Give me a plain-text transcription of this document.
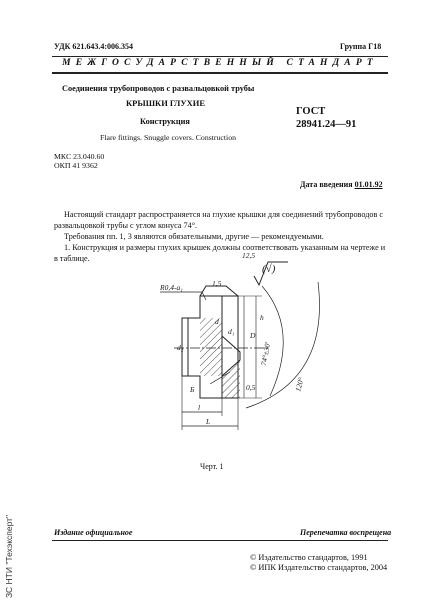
УДК 621.643.4:006.354	Группа Г18
МЕЖГОСУДАРСТВЕННЫЙ СТАНДАРТ
Соединения трубопроводов с развальцовкой трубы
КРЫШКИ ГЛУХИЕ
Конструкция
Flare fittings. Snuggle covers. Construction
ГОСТ
28941.24—91
МКС 23.040.60
ОКП 41 9362
Дата введения 01.01.92

Настоящий стандарт распространяется на глухие крышки для соединений трубопроводов с развальцовкой трубы с углом конуса 74°.

Требования пп. 1, 3 являются обязательными, другие — рекомендуемыми.

1. Конструкция и размеры глухих крышек должны соответствовать указанным на чертеже и в таблице.	12,5
(√)
R0,4-a₁
d₂
d₁
d
D
h
Б
l
L
74°±30'
120°
1,5
0,5
Черт. 1
Издание официальное	Перепечатка воспрещена
© Издательство стандартов, 1991
© ИПК Издательство стандартов, 2004
ЗС НТИ "Техэксперт"
